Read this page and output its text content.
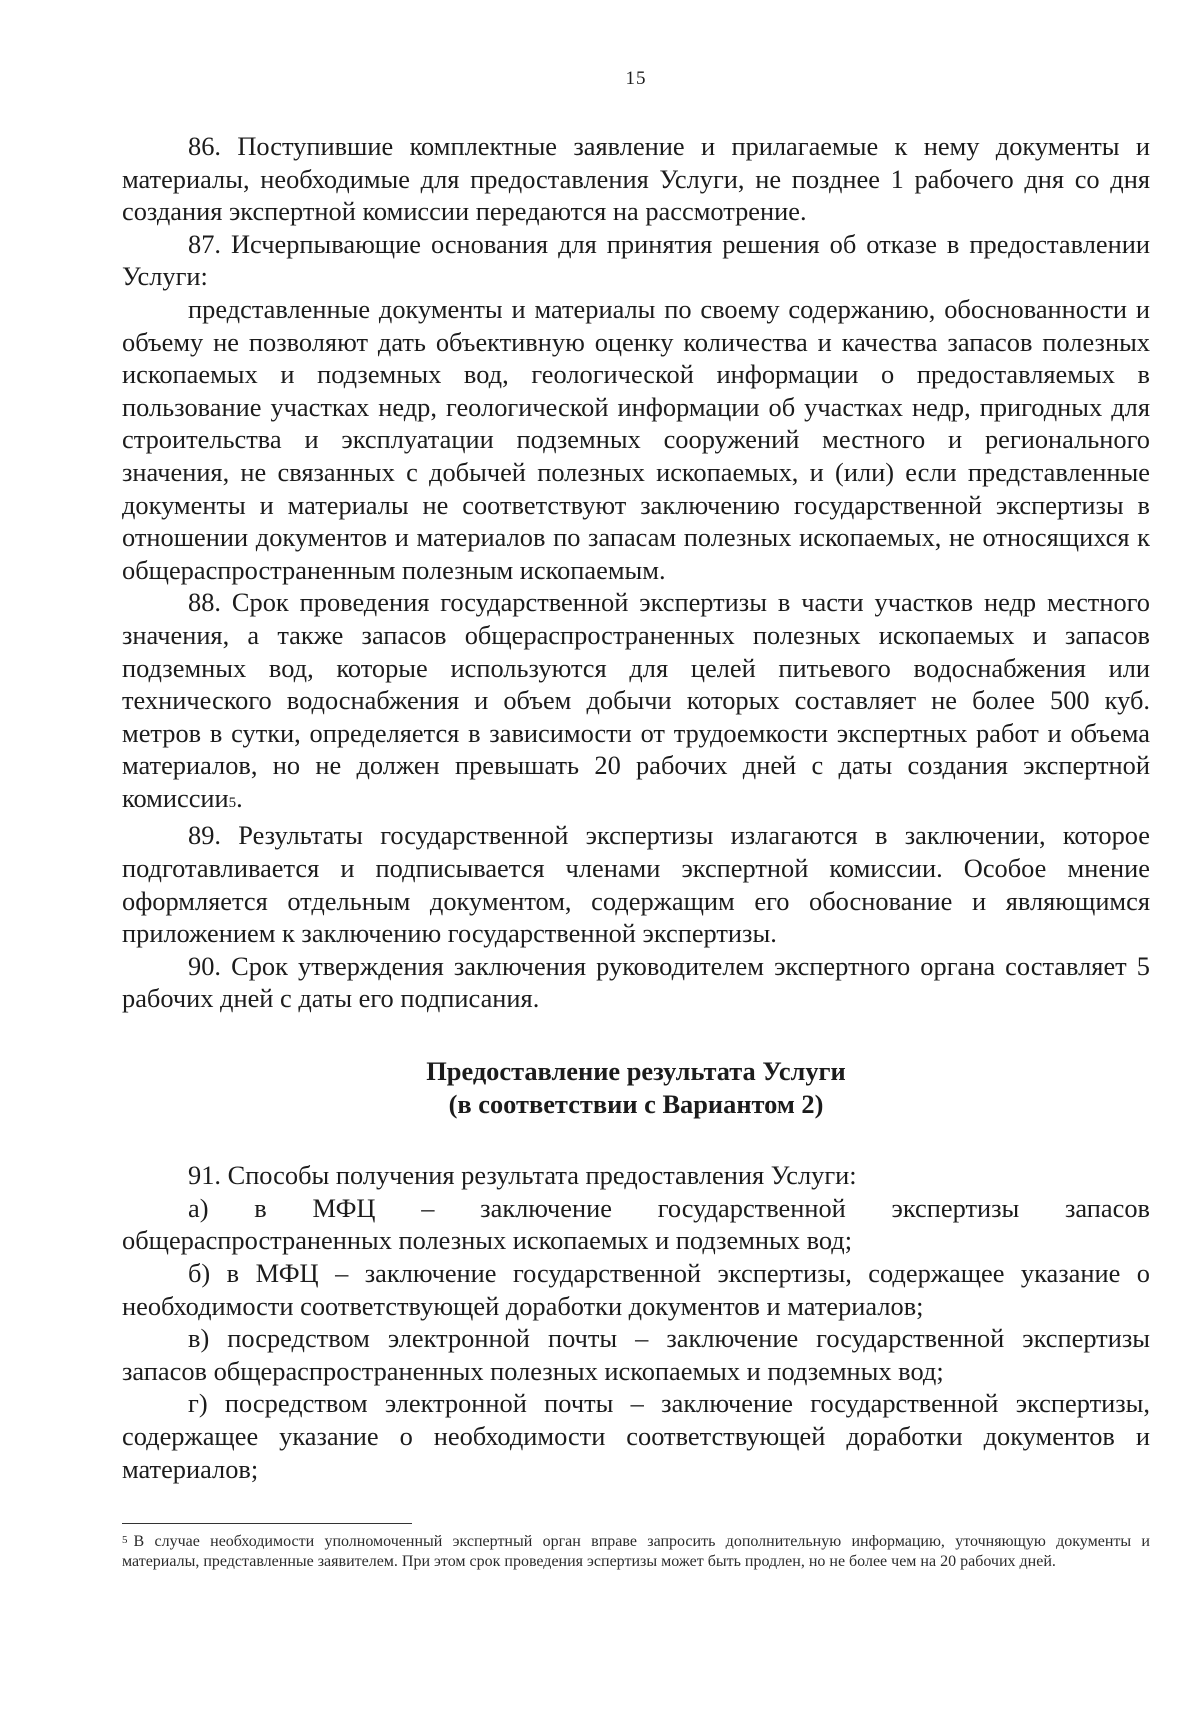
15

86. Поступившие комплектные заявление и прилагаемые к нему документы и материалы, необходимые для предоставления Услуги, не позднее 1 рабочего дня со дня создания экспертной комиссии передаются на рассмотрение.

87. Исчерпывающие основания для принятия решения об отказе в предоставлении Услуги:

представленные документы и материалы по своему содержанию, обоснованности и объему не позволяют дать объективную оценку количества и качества запасов полезных ископаемых и подземных вод, геологической информации о предоставляемых в пользование участках недр, геологической информации об участках недр, пригодных для строительства и эксплуатации подземных сооружений местного и регионального значения, не связанных с добычей полезных ископаемых, и (или) если представленные документы и материалы не соответствуют заключению государственной экспертизы в отношении документов и материалов по запасам полезных ископаемых, не относящихся к общераспространенным полезным ископаемым.

88. Срок проведения государственной экспертизы в части участков недр местного значения, а также запасов общераспространенных полезных ископаемых и запасов подземных вод, которые используются для целей питьевого водоснабжения или технического водоснабжения и объем добычи которых составляет не более 500 куб. метров в сутки, определяется в зависимости от трудоемкости экспертных работ и объема материалов, но не должен превышать 20 рабочих дней с даты создания экспертной комиссии5.

89. Результаты государственной экспертизы излагаются в заключении, которое подготавливается и подписывается членами экспертной комиссии. Особое мнение оформляется отдельным документом, содержащим его обоснование и являющимся приложением к заключению государственной экспертизы.

90. Срок утверждения заключения руководителем экспертного органа составляет 5 рабочих дней с даты его подписания.

Предоставление результата Услуги
(в соответствии с Вариантом 2)

91. Способы получения результата предоставления Услуги:

а) в МФЦ – заключение государственной экспертизы запасов общераспространенных полезных ископаемых и подземных вод;

б) в МФЦ – заключение государственной экспертизы, содержащее указание о необходимости соответствующей доработки документов и материалов;

в) посредством электронной почты – заключение государственной экспертизы запасов общераспространенных полезных ископаемых и подземных вод;

г) посредством электронной почты – заключение государственной экспертизы, содержащее указание о необходимости соответствующей доработки документов и материалов;

$^5$ В случае необходимости уполномоченный экспертный орган вправе запросить дополнительную информацию, уточняющую документы и материалы, представленные заявителем. При этом срок проведения эспертизы может быть продлен, но не более чем на 20 рабочих дней.
